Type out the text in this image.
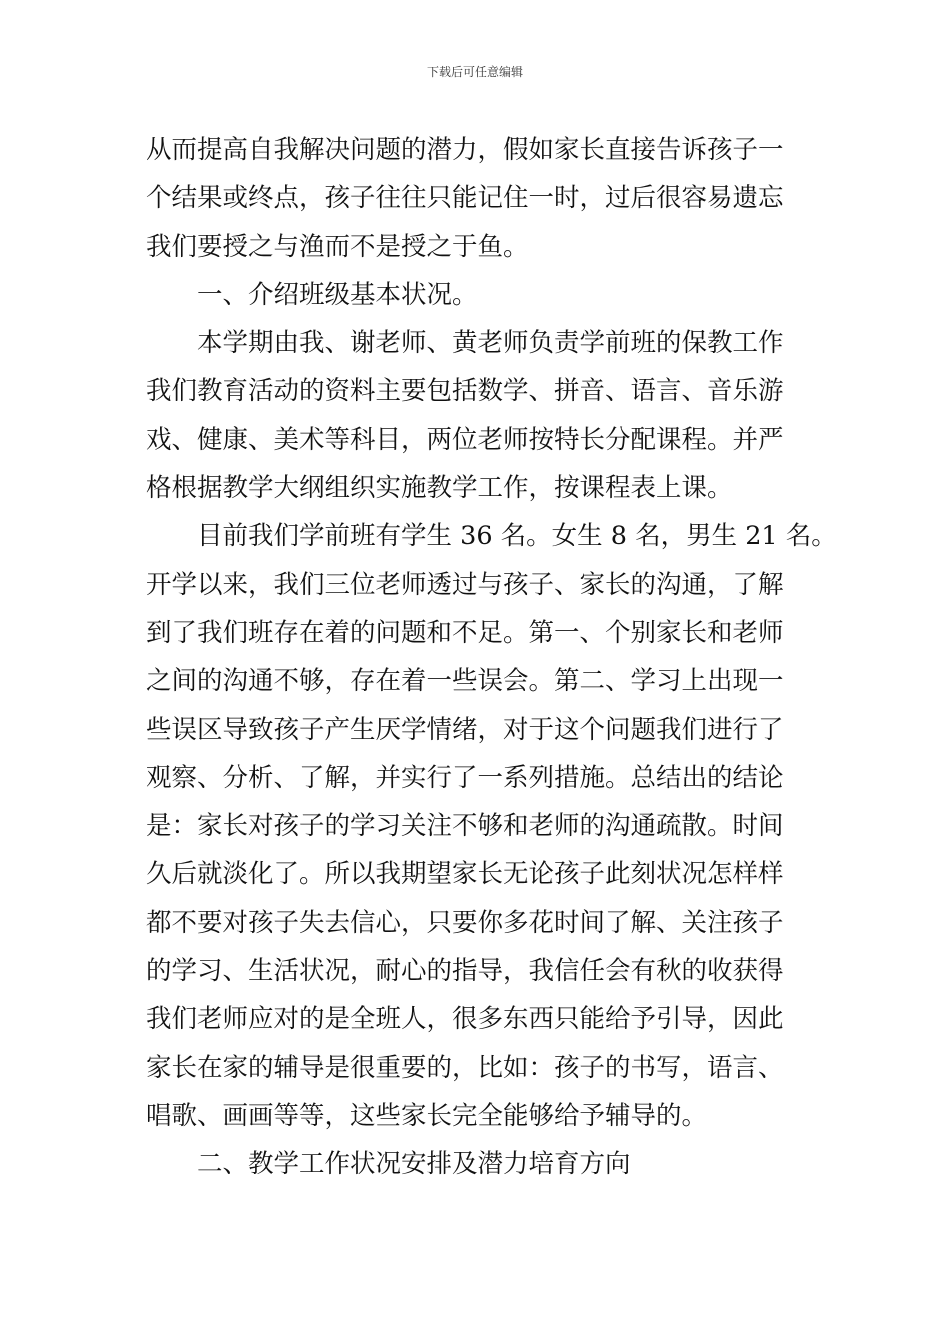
下载后可任意编辑
从而提高自我解决问题的潜力，假如家长直接告诉孩子一
个结果或终点，孩子往往只能记住一时，过后很容易遗忘
我们要授之与渔而不是授之于鱼。
一、介绍班级基本状况。
本学期由我、谢老师、黄老师负责学前班的保教工作
我们教育活动的资料主要包括数学、拼音、语言、音乐游
戏、健康、美术等科目，两位老师按特长分配课程。并严
格根据教学大纲组织实施教学工作，按课程表上课。
目前我们学前班有学生 36 名。女生 8 名，男生 21 名。
开学以来，我们三位老师透过与孩子、家长的沟通，了解
到了我们班存在着的问题和不足。第一、个别家长和老师
之间的沟通不够，存在着一些误会。第二、学习上出现一
些误区导致孩子产生厌学情绪，对于这个问题我们进行了
观察、分析、了解，并实行了一系列措施。总结出的结论
是：家长对孩子的学习关注不够和老师的沟通疏散。时间
久后就淡化了。所以我期望家长无论孩子此刻状况怎样样
都不要对孩子失去信心，只要你多花时间了解、关注孩子
的学习、生活状况，耐心的指导，我信任会有秋的收获得
我们老师应对的是全班人，很多东西只能给予引导，因此
家长在家的辅导是很重要的，比如：孩子的书写，语言、
唱歌、画画等等，这些家长完全能够给予辅导的。
二、教学工作状况安排及潜力培育方向
